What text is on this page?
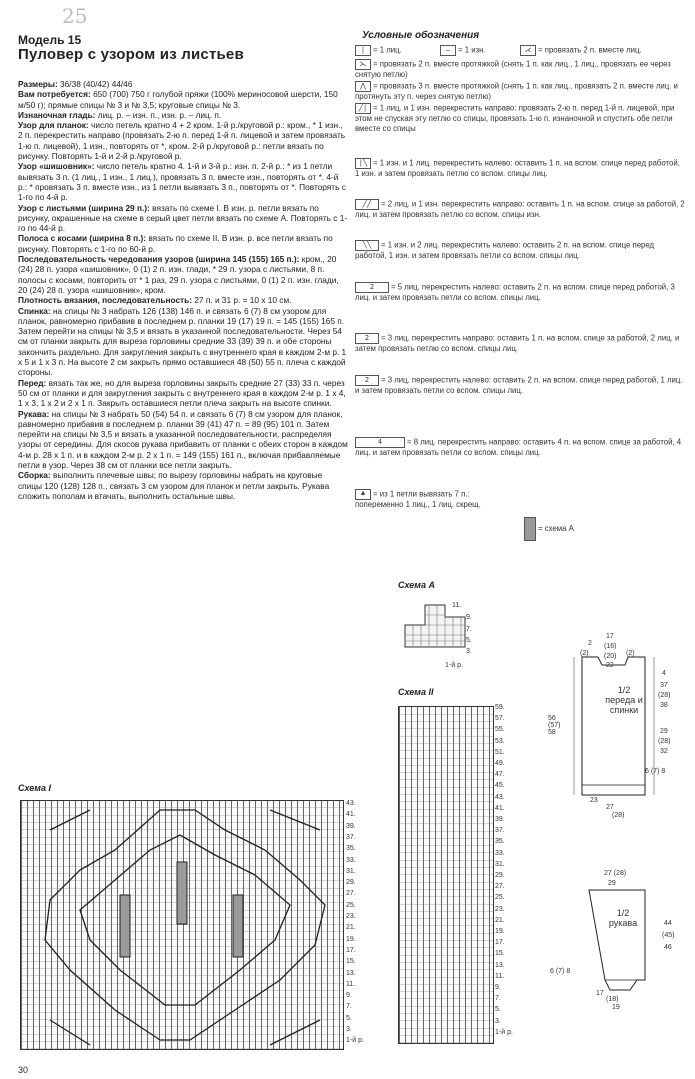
25
Модель 15
Пуловер с узором из листьев

Размеры: 36/38 (40/42) 44/46

Вам потребуется: 650 (700) 750 г голубой пряжи (100% мериносовой шерсти, 150 м/50 г); прямые спицы № 3 и № 3,5; круговые спицы № 3.

Изнаночная гладь: лиц. р. – изн. п., изн. р. – лиц. п.

Узор для планок: число петель кратно 4 + 2 кром. 1-й р./круговой р.: кром., * 1 изн., 2 п. перекрестить направо (провязать 2-ю п. перед 1-й п. лицевой и затем провязать 1-ю п. лицевой), 1 изн., повторять от *, кром. 2-й р./круговой р.: петли вязать по рисунку. Повторять 1-й и 2-й р./круговой р.

Узор «шишовник»: число петель кратно 4. 1-й и 3-й р.: изн. п. 2-й р.: * из 1 петли вывязать 3 п. (1 лиц., 1 изн., 1 лиц.), провязать 3 п. вместе изн., повторять от *. 4-й р.: * провязать 3 п. вместе изн., из 1 петли вывязать 3 п., повторять от *. Повторять с 1-го по 4-й р.

Узор с листьями (ширина 29 п.): вязать по схеме I. В изн. р. петли вязать по рисунку, окрашенные на схеме в серый цвет петли вязать по схеме А. Повторять с 1-го по 44-й р.

Полоса с косами (ширина 8 п.): вязать по схеме II. В изн. р. все петли вязать по рисунку. Повторять с 1-го по 60-й р.

Последовательность чередования узоров (ширина 145 (155) 165 п.): кром., 20 (24) 28 п. узора «шишовник», 0 (1) 2 п. изн. глади, * 29 п. узора с листьями, 8 п. полосы с косами, повторить от * 1 раз, 29 п. узора с листьями, 0 (1) 2 п. изн. глади, 20 (24) 28 п. узора «шишовник», кром.

Плотность вязания, последовательность: 27 п. и 31 р. = 10 x 10 см.

Спинка: на спицы № 3 набрать 126 (138) 146 п. и связать 6 (7) 8 см узором для планок, равномерно прибавив в последнем р. планки 19 (17) 19 п. = 145 (155) 165 п. Затем перейти на спицы № 3,5 и вязать в указанной последовательности. Через 54 см от планки закрыть для выреза горловины средние 33 (39) 39 п. и обе стороны закончить раздельно. Для закругления закрыть с внутреннего края в каждом 2-м р. 1 x 5 и 1 x 3 п. На высоте 2 см закрыть прямо оставшиеся 48 (50) 55 п. плеча с каждой стороны.

Перед: вязать так же, но для выреза горловины закрыть средние 27 (33) 33 п. через 50 см от планки и для закругления закрыть с внутреннего края в каждом 2-м р. 1 x 4, 1 x 3, 1 x 2 и 2 x 1 п. Закрыть оставшиеся петли плеча закрыть на высоте спинки.

Рукава: на спицы № 3 набрать 50 (54) 54 п. и связать 6 (7) 8 см узором для планок, равномерно прибавив в последнем р. планки 39 (41) 47 п. = 89 (95) 101 п. Затем перейти на спицы № 3,5 и вязать в указанной последовательности, распределяя узоры от середины. Для скосов рукава прибавить от планки с обеих сторон в каждом 4-м р. 28 x 1 п. и в каждом 2-м р. 2 x 1 п. = 149 (155) 161 п., включая прибавляемые петли в узор. Через 38 см от планки все петли закрыть.

Сборка: выполнить плечевые швы; по вырезу горловины набрать на круговые спицы 120 (128) 128 п., связать 3 см узором для планок и петли закрыть. Рукава сложить пополам и втачать, выполнить остальные швы.

Условные обозначения
| = 1 лиц.	— = 1 изн.	⋌ = провязать 2 п. вместе лиц.
⋋ = провязать 2 п. вместе протяжкой (снять 1 п. как лиц., 1 лиц., провязать ее через снятую петлю)
⋀ = провязать 3 п. вместе протяжкой (снять 1 п. как лиц., провязать 2 п. вместе лиц. и протянуть эту п. через снятую петлю)
╱| = 1 лиц. и 1 изн. перекрестить направо: провязать 2-ю п. перед 1-й п. лицевой, при этом не спуская эту петлю со спицы, провязать 1-ю п. изнаночной и спустить обе петли вместе со спицы
|╲ = 1 изн. и 1 лиц. перекрестить налево: оставить 1 п. на вспом. спице перед работой, 1 изн. и затем провязать петлю со вспом. спицы лиц.
╱╱ = 2 лиц. и 1 изн. перекрестить направо: оставить 1 п. на вспом. спице за работой, 2 лиц. и затем провязать петлю со вспом. спицы изн.
╲╲ = 1 изн. и 2 лиц. перекрестить налево: оставить 2 п. на вспом. спице перед работой, 1 изн. и затем провязать петли со вспом. спицы лиц.
2 = 5 лиц. перекрестить налево: оставить 2 п. на вспом. спице перед работой, 3 лиц. и затем провязать петли со вспом. спицы лиц.
2 = 3 лиц. перекрестить направо: оставить 1 п. на вспом. спице за работой, 2 лиц. и затем провязать петлю со вспом. спицы лиц.
2 = 3 лиц. перекрестить налево: оставить 2 п. на вспом. спице перед работой, 1 лиц. и затем провязать петли со вспом. спицы лиц.
4	= 8 лиц. перекрестить направо: оставить 4 п. на вспом. спице за работой, 4 лиц. и затем провязать петли со вспом. спицы лиц.
♣ = из 1 петли вывязать 7 п.: попеременно 1 лиц., 1 лиц. скрещ.
= схема А
Схема А
11.
9.
7.
5.
3.
1-й р.
Схема II
59.
57.
55.
53.
51.
49.
47.
45.
43.
41.
39.
37.
35.
33.
31.
29.
27.
25.
23.
21.
19.
17.
15.
13.
11.
9.
7.
5.
3.
1-й р.
Схема I
43.
41.
39.
37.
35.
33.
31.
29.
27.
25.
23.
21.
19.
17.
15.
13.
11.
9.
7.
5.
3.
1-й р.
1/2 переда и спинки
17
2 (16)
(2)	(2)
(20)
22
56 (57) 58
4
37
(28)
38
29
(28)
32
6 (7) 8
23
27
(28)
1/2 рукава
27 (28)
29
44
(45)
46
6 (7) 8
17
(18)
19
30
